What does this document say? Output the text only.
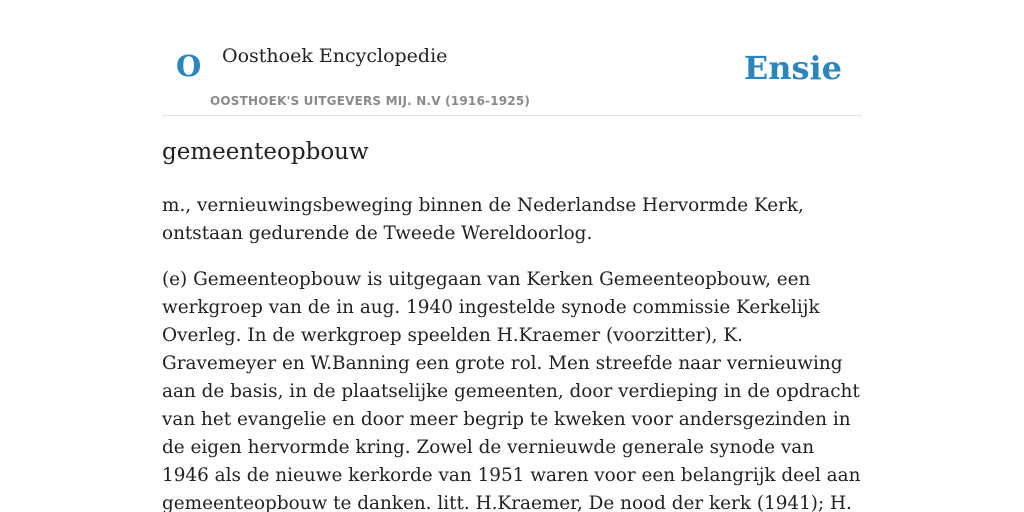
O Oosthoek Encyclopedie
OOSTHOEK'S UITGEVERS MIJ. N.V (1916-1925)
Ensie
gemeenteopbouw

m., vernieuwingsbeweging binnen de Nederlandse Hervormde Kerk, ontstaan gedurende de Tweede Wereldoorlog.

(e) Gemeenteopbouw is uitgegaan van Kerken Gemeenteopbouw, een werkgroep van de in aug. 1940 ingestelde synode commissie Kerkelijk Overleg. In de werkgroep speelden H.Kraemer (voorzitter), K. Gravemeyer en W.Banning een grote rol. Men streefde naar vernieuwing aan de basis, in de plaatselijke gemeenten, door verdieping in de opdracht van het evangelie en door meer begrip te kweken voor andersgezinden in de eigen hervormde kring. Zowel de vernieuwde generale synode van 1946 als de nieuwe kerkorde van 1951 waren voor een belangrijk deel aan gemeenteopbouw te danken. litt. H.Kraemer, De nood der kerk (1941); H.
